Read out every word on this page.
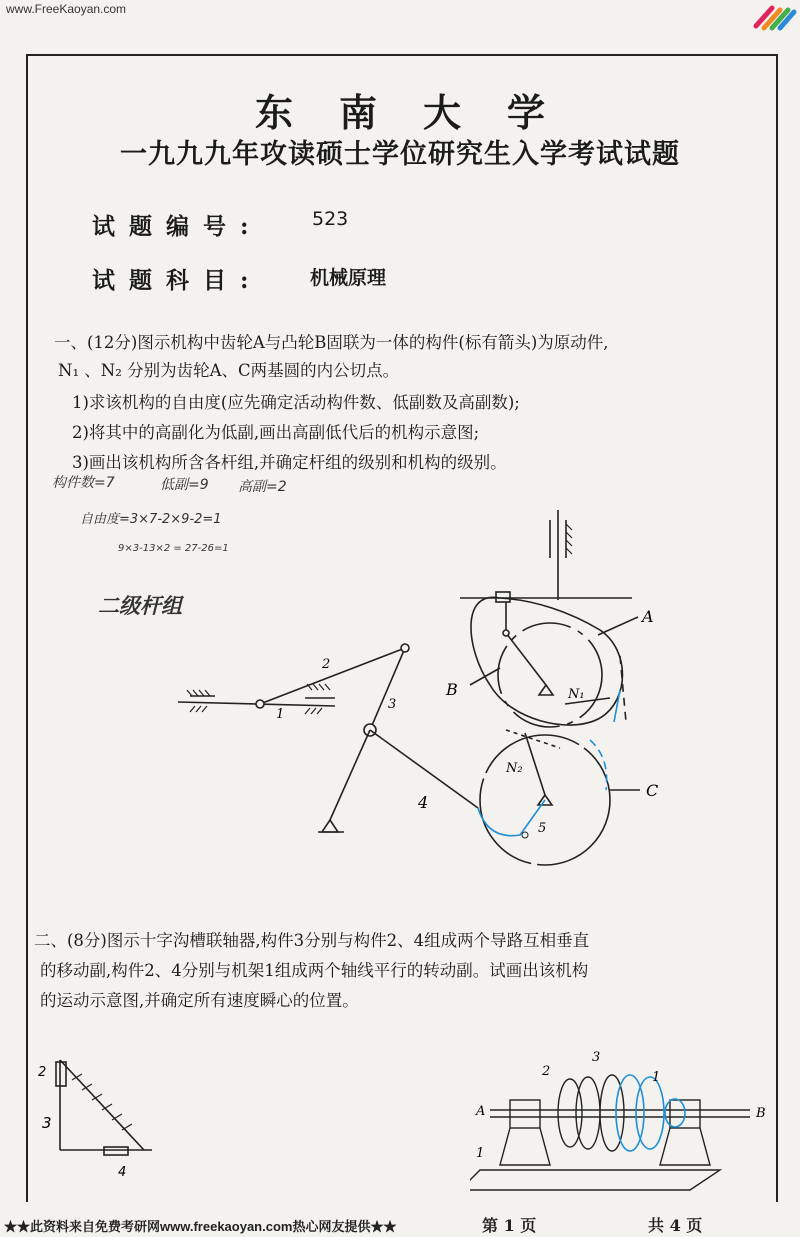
www.FreeKaoyan.com
东南大学
一九九九年攻读硕士学位研究生入学考试试题
试题编号:	523
试题科目:	机械原理
一、(12分)图示机构中齿轮A与凸轮B固联为一体的构件(标有箭头)为原动件,
N₁ 、N₂ 分别为齿轮A、C两基圆的内公切点。
1)求该机构的自由度(应先确定活动构件数、低副数及高副数);
2)将其中的高副化为低副,画出高副低代后的机构示意图;
3)画出该机构所含各杆组,并确定杆组的级别和机构的级别。
构件数=7	低副=9 高副=2
自由度=3×7-2×9-2=1
9×3-13×2 = 27-26=1
二级杆组
2
1
3
4
5
A
B
C
N₁
N₂
二、(8分)图示十字沟槽联轴器,构件3分别与构件2、4组成两个导路互相垂直
的移动副,构件2、4分别与机架1组成两个轴线平行的转动副。试画出该机构
的运动示意图,并确定所有速度瞬心的位置。
2
3
4
A	B
1
2
3
1
★★此资料来自免费考研网www.freekaoyan.com热心网友提供★★	第 1 页	共 4 页
